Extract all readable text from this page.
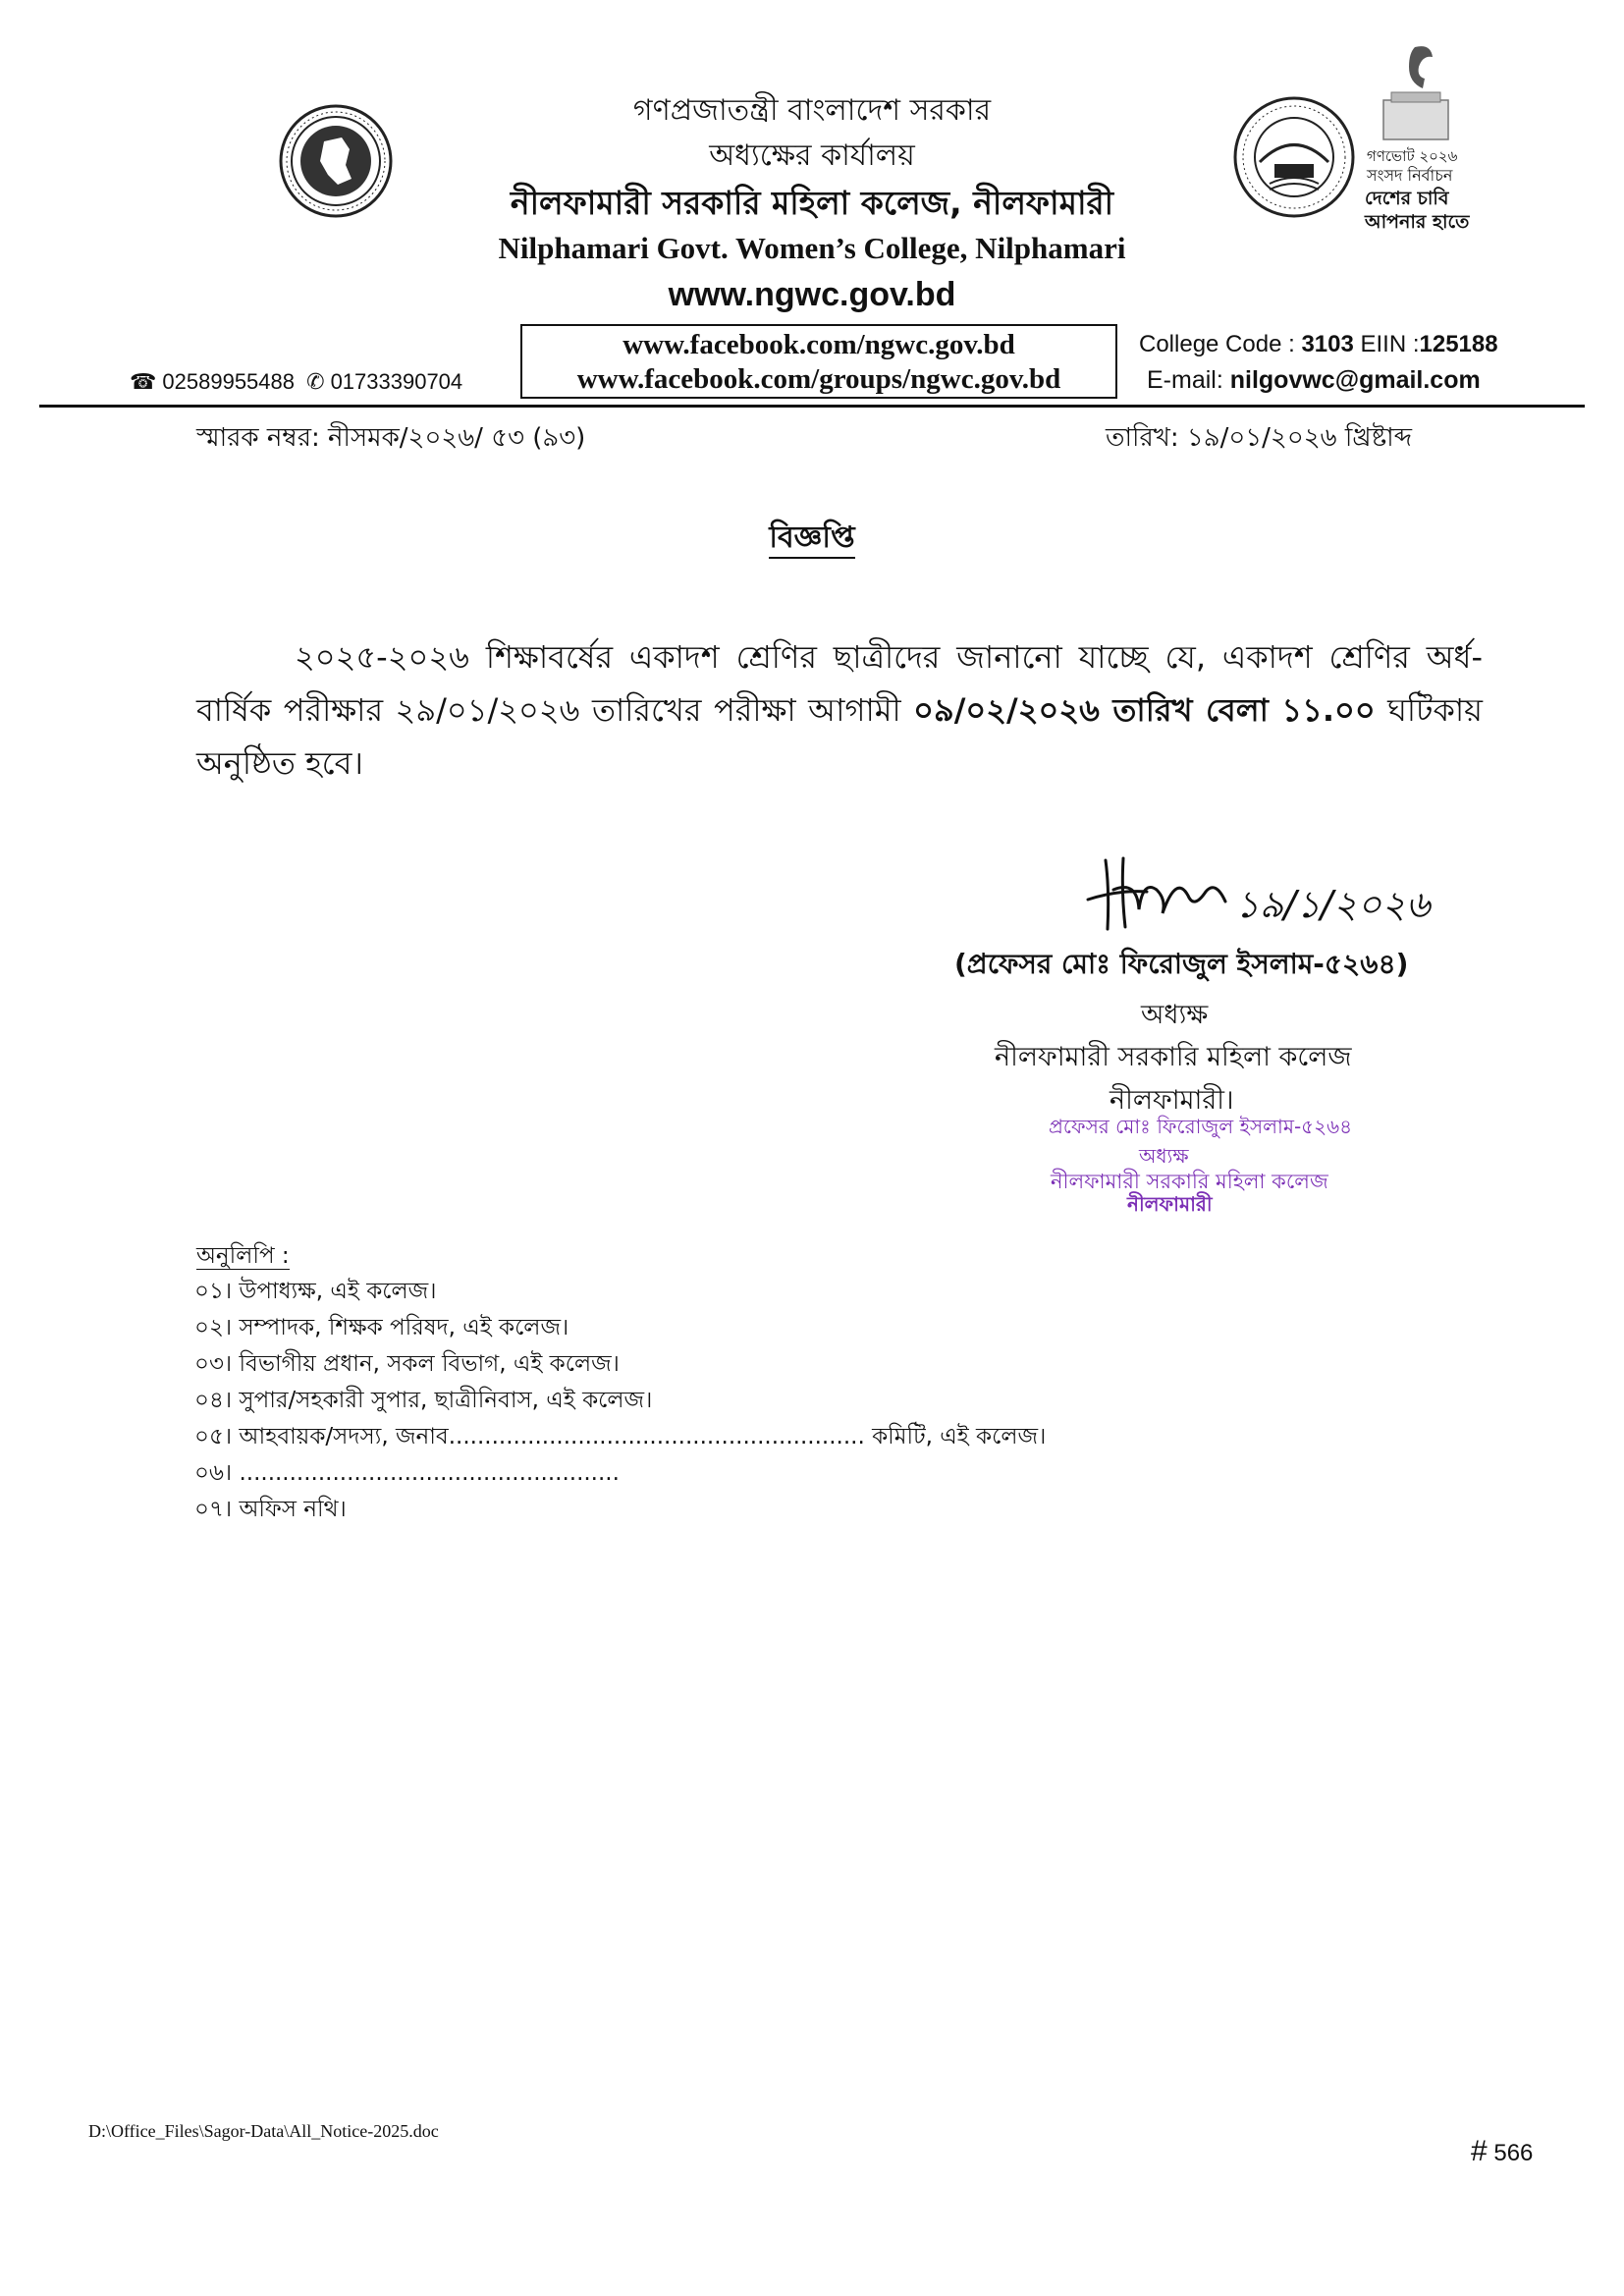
গণভোট ২০২৬
সংসদ নির্বাচন
দেশের চাবি
আপনার হাতে
গণপ্রজাতন্ত্রী বাংলাদেশ সরকার
অধ্যক্ষের কার্যালয়
নীলফামারী সরকারি মহিলা কলেজ, নীলফামারী
Nilphamari Govt. Women’s College, Nilphamari
www.ngwc.gov.bd
www.facebook.com/ngwc.gov.bd
www.facebook.com/groups/ngwc.gov.bd
☎ 02589955488 ✆ 01733390704
College Code : 3103 EIIN :125188
E-mail: nilgovwc@gmail.com
স্মারক নম্বর: নীসমক/২০২৬/ ৫৩ (৯৩)	তারিখ: ১৯/০১/২০২৬ খ্রিষ্টাব্দ
বিজ্ঞপ্তি
২০২৫-২০২৬ শিক্ষাবর্ষের একাদশ শ্রেণির ছাত্রীদের জানানো যাচ্ছে যে, একাদশ শ্রেণির অর্ধ-বার্ষিক পরীক্ষার ২৯/০১/২০২৬ তারিখের পরীক্ষা আগামী ০৯/০২/২০২৬ তারিখ বেলা ১১.০০ ঘটিকায় অনুষ্ঠিত হবে।
১৯/১/২০২৬
(প্রফেসর মোঃ ফিরোজুল ইসলাম-৫২৬৪)
অধ্যক্ষ
নীলফামারী সরকারি মহিলা কলেজ
নীলফামারী।
প্রফেসর মোঃ ফিরোজুল ইসলাম-৫২৬৪
অধ্যক্ষ
নীলফামারী সরকারি মহিলা কলেজ
নীলফামারী
অনুলিপি :
০১। উপাধ্যক্ষ, এই কলেজ।
০২। সম্পাদক, শিক্ষক পরিষদ, এই কলেজ।
০৩। বিভাগীয় প্রধান, সকল বিভাগ, এই কলেজ।
০৪। সুপার/সহকারী সুপার, ছাত্রীনিবাস, এই কলেজ।
০৫। আহবায়ক/সদস্য, জনাব.......................................................... কমিটি, এই কলেজ।
০৬। .....................................................
০৭। অফিস নথি।
D:\Office_Files\Sagor-Data\All_Notice-2025.doc
# 566
